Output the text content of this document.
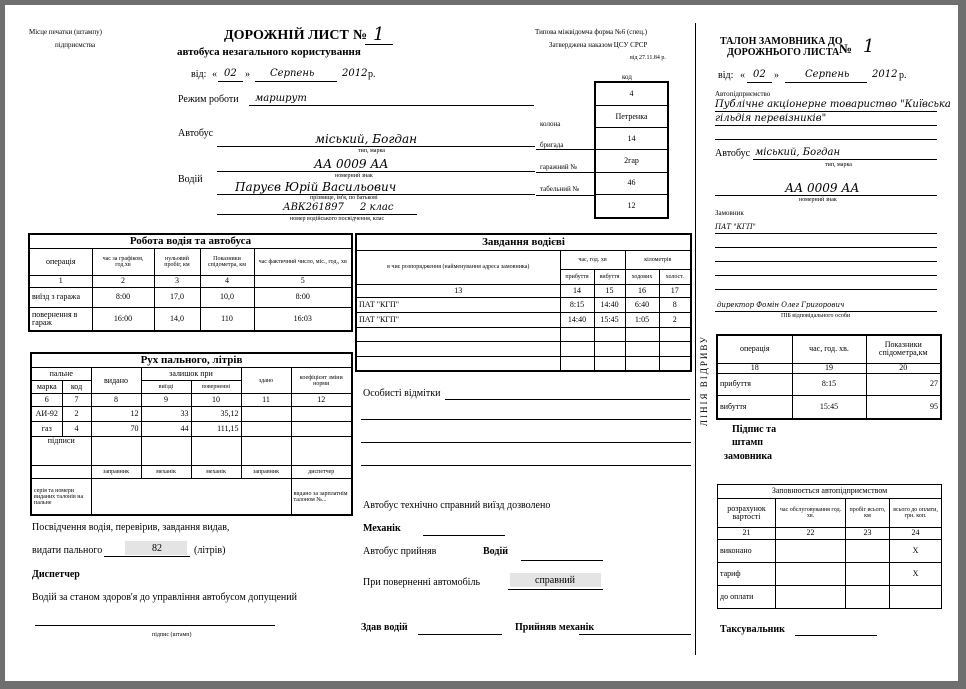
Місце печатки (штампу)
підприємства
ДОРОЖНІЙ ЛИСТ № 1
автобуса незагального користування
Типова міжвідомча форма №6 (спец.)
Затверджена наказом ЦСУ СРСР
від 27.11.84 р.
від: « 02 » Серпень	2012 р.
Режим роботи маршрут
Автобус	міський, Богдан
тип, марка
АА 0009 АА
номерний знак
Водій
Паруєв Юрій Васильович
прізвище, ім'я, по батькові
АВК261897 2 клас
номер водійського посвідчення, клас
код
колона
бригада
гаражний №
табельний №
4
Петренка
14
2гар
46
12
Робота водія та автобуса				
операція	час за графіком, год.хв	нульовий пробіг, км	Показники спідометра, км	час фактичний число, міс., год., хв
1	2	3	4	5
виїзд з гаража	8:00	17,0	10,0	8:00
повернення в гараж	16:00	14,0	110	16:03
Завдання водієві				
в чиє розпорядження (найменування адреса замовника)	час, год. хв		кілометрів	
	прибуття	вибуття	ходових	холост.
13	14	15	16	17
ПАТ "КГП"	8:15	14:40	6:40	8
ПАТ "КГП"	14:40	15:45	1:05	2

Рух пального, літрів						
пальне		видано	залишок при		здано	коефіцієнт зміни норми
марка	код		виїзді	поверненні		
6	7	8	9	10	11	12
АИ-92	2	12	33	35,12		
газ	4	70	44	111,15		
підписи						
		заправник	механік	механік	заправник	диспетчер
серія та номери виданих талонів на пальне						видано за зарплатнім талоном №...
Особисті відмітки
Автобус технічно справний виїзд дозволено
Механік
Автобус прийняв	Водій
При поверненні автомобіль	справний
Здав водій	Прийняв механік
Посвідчення водія, перевірив, завдання видав,
видати пального	82	(літрів)
Диспетчер
Водій за станом здоров'я до управління автобусом допущений
підпис (штамп)
ЛІНІЯ ВІДРИВУ
ТАЛОН ЗАМОВНИКА ДО
ДОРОЖНЬОГО ЛИСТА № 1
від: « 02 »	Серпень 2012 р.
Автопідприємство
Публічне акціонерне товариство "Київська
гільдія перевізників"
Автобус міський, Богдан
тип, марка
АА 0009 АА
номерний знак
Замовник
ПАТ "КГП"
директор Фомін Олег Григорович
ПІБ відповідального особи
операція	час, год. хв.	Показники спідометра,км
18	19	20
прибуття	8:15	27
вибуття	15:45	95
Підпис та
штамп
замовника
Заповнюється автопідприємством			
розрахунок вартості	час обслуговування год. хв.	пробіг всього, км	всього до оплати, грн. коп.
21	22	23	24
виконано			Х
тариф			Х
до оплати			
Таксувальник
